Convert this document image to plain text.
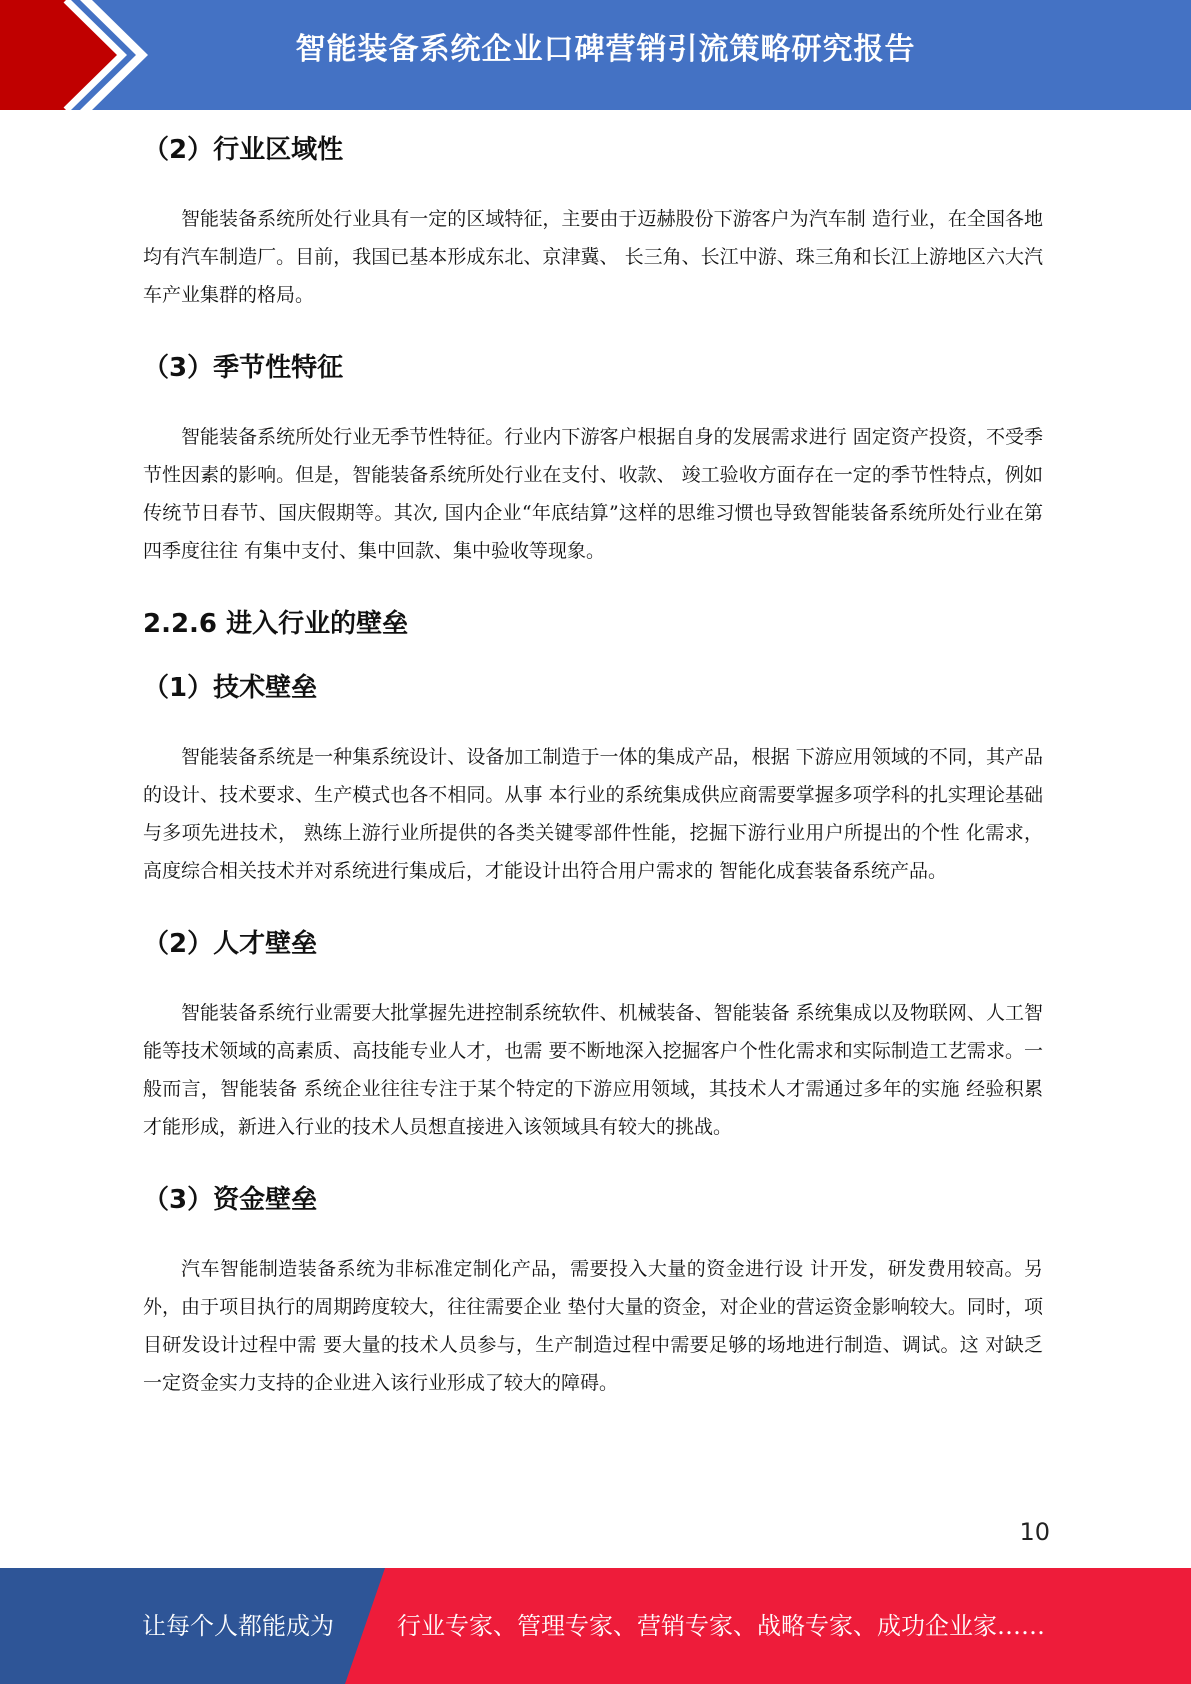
智能装备系统企业口碑营销引流策略研究报告
（2）行业区域性

智能装备系统所处行业具有一定的区域特征，主要由于迈赫股份下游客户为汽车制 造行业，在全国各地均有汽车制造厂。目前，我国已基本形成东北、京津冀、 长三角、长江中游、珠三角和长江上游地区六大汽车产业集群的格局。

（3）季节性特征

智能装备系统所处行业无季节性特征。行业内下游客户根据自身的发展需求进行 固定资产投资，不受季节性因素的影响。但是，智能装备系统所处行业在支付、收款、 竣工验收方面存在一定的季节性特点，例如传统节日春节、国庆假期等。其次, 国内企业“年底结算”这样的思维习惯也导致智能装备系统所处行业在第四季度往往 有集中支付、集中回款、集中验收等现象。

2.2.6 进入行业的壁垒
（1）技术壁垒

智能装备系统是一种集系统设计、设备加工制造于一体的集成产品，根据 下游应用领域的不同，其产品的设计、技术要求、生产模式也各不相同。从事 本行业的系统集成供应商需要掌握多项学科的扎实理论基础与多项先进技术， 熟练上游行业所提供的各类关键零部件性能，挖掘下游行业用户所提出的个性 化需求，高度综合相关技术并对系统进行集成后，才能设计出符合用户需求的 智能化成套装备系统产品。

（2）人才壁垒

智能装备系统行业需要大批掌握先进控制系统软件、机械装备、智能装备 系统集成以及物联网、人工智能等技术领域的高素质、高技能专业人才，也需 要不断地深入挖掘客户个性化需求和实际制造工艺需求。一般而言，智能装备 系统企业往往专注于某个特定的下游应用领域，其技术人才需通过多年的实施 经验积累才能形成，新进入行业的技术人员想直接进入该领域具有较大的挑战。

（3）资金壁垒

汽车智能制造装备系统为非标准定制化产品，需要投入大量的资金进行设 计开发，研发费用较高。另外，由于项目执行的周期跨度较大，往往需要企业 垫付大量的资金，对企业的营运资金影响较大。同时，项目研发设计过程中需 要大量的技术人员参与，生产制造过程中需要足够的场地进行制造、调试。这 对缺乏一定资金实力支持的企业进入该行业形成了较大的障碍。

10
让每个人都能成为	行业专家、管理专家、营销专家、战略专家、成功企业家……
